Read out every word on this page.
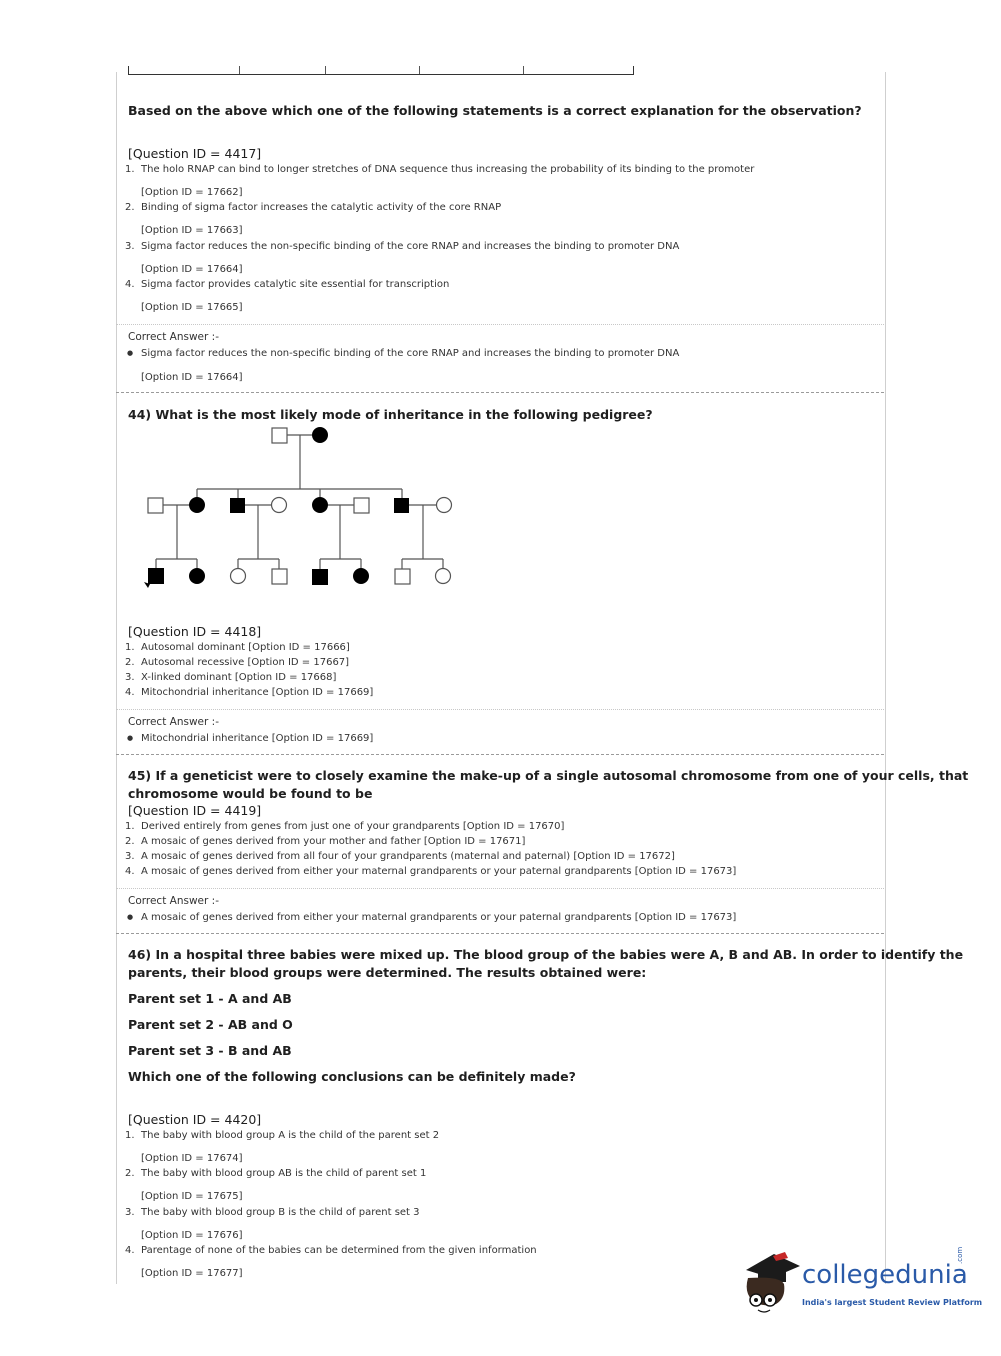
Based on the above which one of the following statements is a correct explanation for the observation?
[Question ID = 4417]
1. The holo RNAP can bind to longer stretches of DNA sequence thus increasing the probability of its binding to the promoter
[Option ID = 17662]
2. Binding of sigma factor increases the catalytic activity of the core RNAP
[Option ID = 17663]
3. Sigma factor reduces the non-specific binding of the core RNAP and increases the binding to promoter DNA
[Option ID = 17664]
4. Sigma factor provides catalytic site essential for transcription
[Option ID = 17665]
Correct Answer :-
● Sigma factor reduces the non-specific binding of the core RNAP and increases the binding to promoter DNA
[Option ID = 17664]
44) What is the most likely mode of inheritance in the following pedigree?
[Question ID = 4418]
1. Autosomal dominant [Option ID = 17666]
2. Autosomal recessive [Option ID = 17667]
3. X-linked dominant [Option ID = 17668]
4. Mitochondrial inheritance [Option ID = 17669]
Correct Answer :-
● Mitochondrial inheritance [Option ID = 17669]
45) If a geneticist were to closely examine the make-up of a single autosomal chromosome from one of your cells, that
chromosome would be found to be
[Question ID = 4419]
1. Derived entirely from genes from just one of your grandparents [Option ID = 17670]
2. A mosaic of genes derived from your mother and father [Option ID = 17671]
3. A mosaic of genes derived from all four of your grandparents (maternal and paternal) [Option ID = 17672]
4. A mosaic of genes derived from either your maternal grandparents or your paternal grandparents [Option ID = 17673]
Correct Answer :-
● A mosaic of genes derived from either your maternal grandparents or your paternal grandparents [Option ID = 17673]
46) In a hospital three babies were mixed up. The blood group of the babies were A, B and AB. In order to identify the
parents, their blood groups were determined. The results obtained were:
Parent set 1 - A and AB
Parent set 2 - AB and O
Parent set 3 - B and AB
Which one of the following conclusions can be definitely made?
[Question ID = 4420]
1. The baby with blood group A is the child of the parent set 2
[Option ID = 17674]
2. The baby with blood group AB is the child of parent set 1
[Option ID = 17675]
3. The baby with blood group B is the child of parent set 3
[Option ID = 17676]
4. Parentage of none of the babies can be determined from the given information
[Option ID = 17677]	collegedunia
.com
India's largest Student Review Platform
